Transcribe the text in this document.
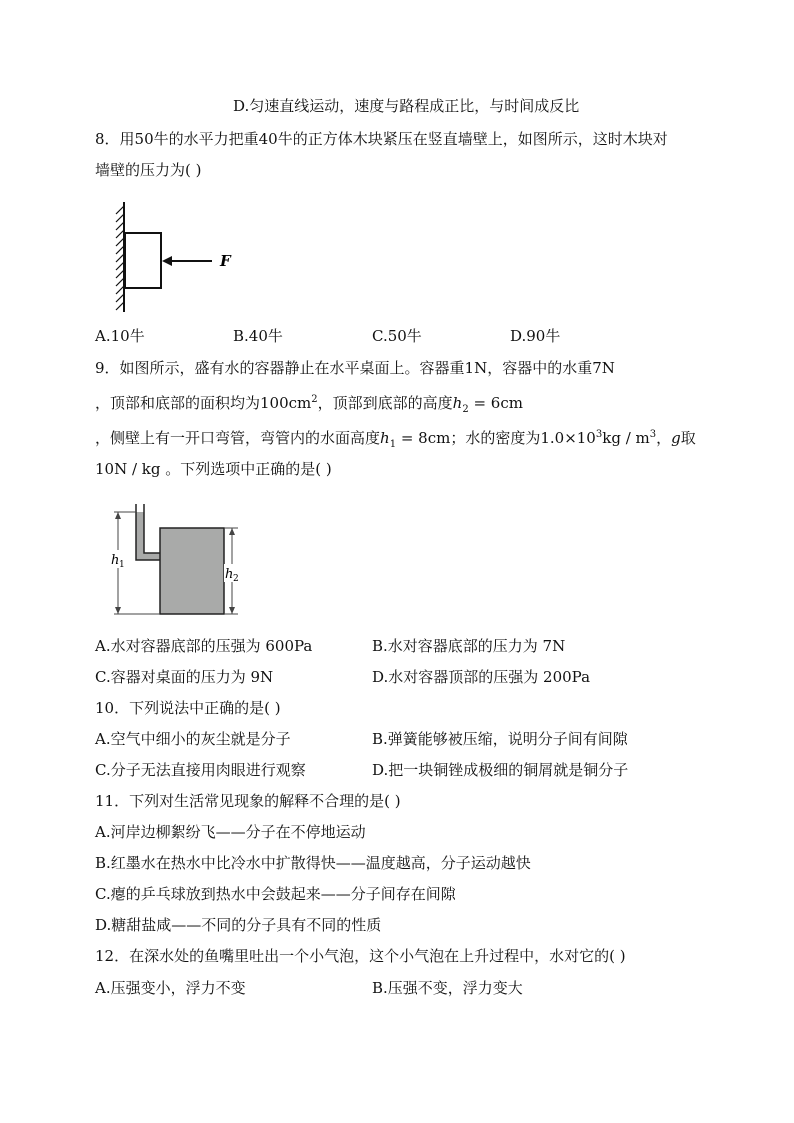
D.匀速直线运动，速度与路程成正比，与时间成反比
8．用50牛的水平力把重40牛的正方体木块紧压在竖直墙壁上，如图所示，这时木块对
墙壁的压力为( )
F
A.10牛	B.40牛	C.50牛	D.90牛
9．如图所示，盛有水的容器静止在水平桌面上。容器重1N，容器中的水重7N
，顶部和底部的面积均为$100cm^2$，顶部到底部的高度$h_2 = 6cm$
，侧壁上有一开口弯管，弯管内的水面高度$h_1 = 8cm$；水的密度为$1.0\times 10^3kg / m^3$，g取
10N / kg 。下列选项中正确的是( )
h 1
h 2
A.水对容器底部的压强为 600Pa	B.水对容器底部的压力为 7N
C.容器对桌面的压力为 9N	D.水对容器顶部的压强为 200Pa
10．下列说法中正确的是( )
A.空气中细小的灰尘就是分子	B.弹簧能够被压缩，说明分子间有间隙
C.分子无法直接用肉眼进行观察	D.把一块铜锉成极细的铜屑就是铜分子
11．下列对生活常见现象的解释不合理的是( )
A.河岸边柳絮纷飞——分子在不停地运动
B.红墨水在热水中比冷水中扩散得快——温度越高，分子运动越快
C.瘪的乒乓球放到热水中会鼓起来——分子间存在间隙
D.糖甜盐咸——不同的分子具有不同的性质
12．在深水处的鱼嘴里吐出一个小气泡，这个小气泡在上升过程中，水对它的( )
A.压强变小，浮力不变	B.压强不变，浮力变大
